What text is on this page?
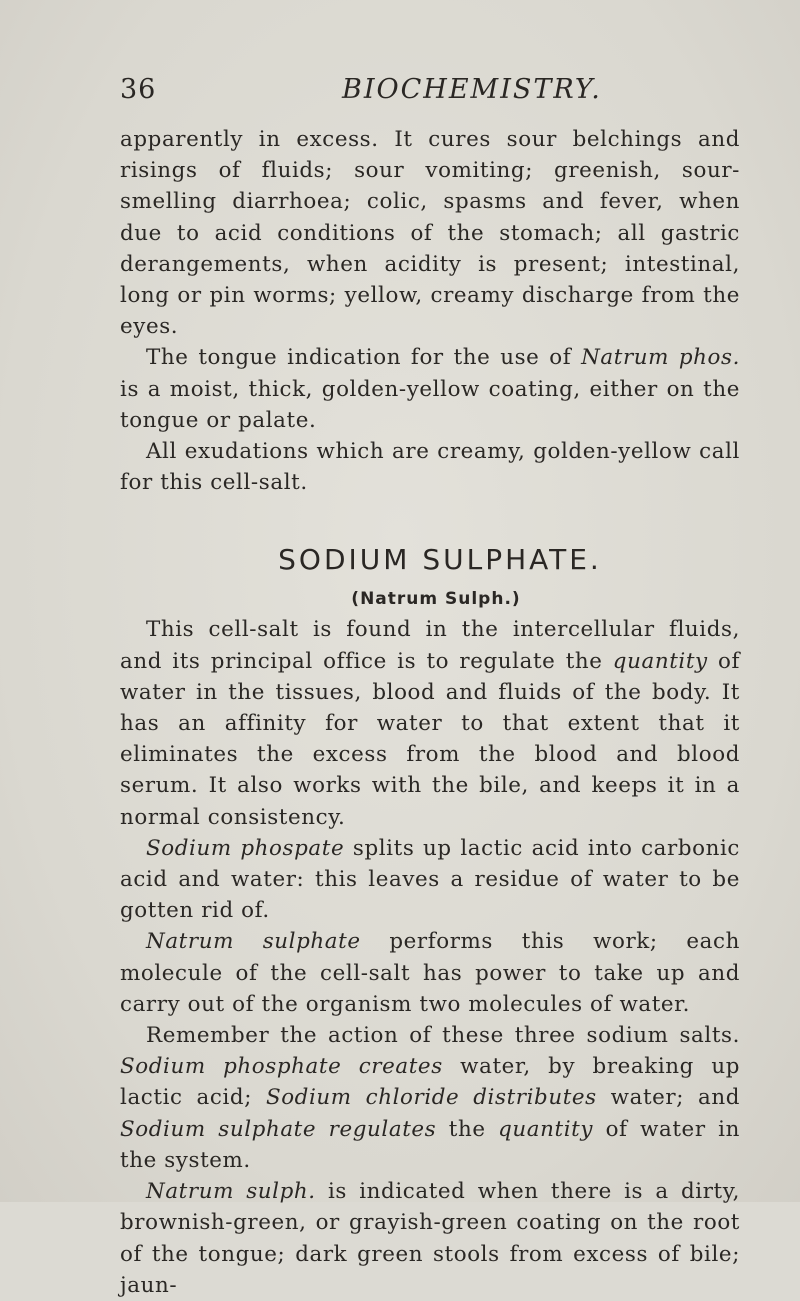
36	BIOCHEMISTRY.

apparently in excess. It cures sour belchings and risings of fluids; sour vomiting; greenish, sour-smelling diarrhoea; colic, spasms and fever, when due to acid conditions of the stomach; all gastric derangements, when acidity is present; intestinal, long or pin worms; yellow, creamy discharge from the eyes.

The tongue indication for the use of Natrum phos. is a moist, thick, golden-yellow coating, either on the tongue or palate.

All exudations which are creamy, golden-yellow call for this cell-salt.

SODIUM SULPHATE.
(Natrum Sulph.)

This cell-salt is found in the intercellular fluids, and its principal office is to regulate the quantity of water in the tissues, blood and fluids of the body. It has an affinity for water to that extent that it eliminates the excess from the blood and blood serum. It also works with the bile, and keeps it in a normal consistency.

Sodium phospate splits up lactic acid into carbonic acid and water: this leaves a residue of water to be gotten rid of.

Natrum sulphate performs this work; each molecule of the cell-salt has power to take up and carry out of the organism two molecules of water.

Remember the action of these three sodium salts. Sodium phosphate creates water, by breaking up lactic acid; Sodium chloride distributes water; and Sodium sulphate regulates the quantity of water in the system.

Natrum sulph. is indicated when there is a dirty, brownish-green, or grayish-green coating on the root of the tongue; dark green stools from excess of bile; jaun-
